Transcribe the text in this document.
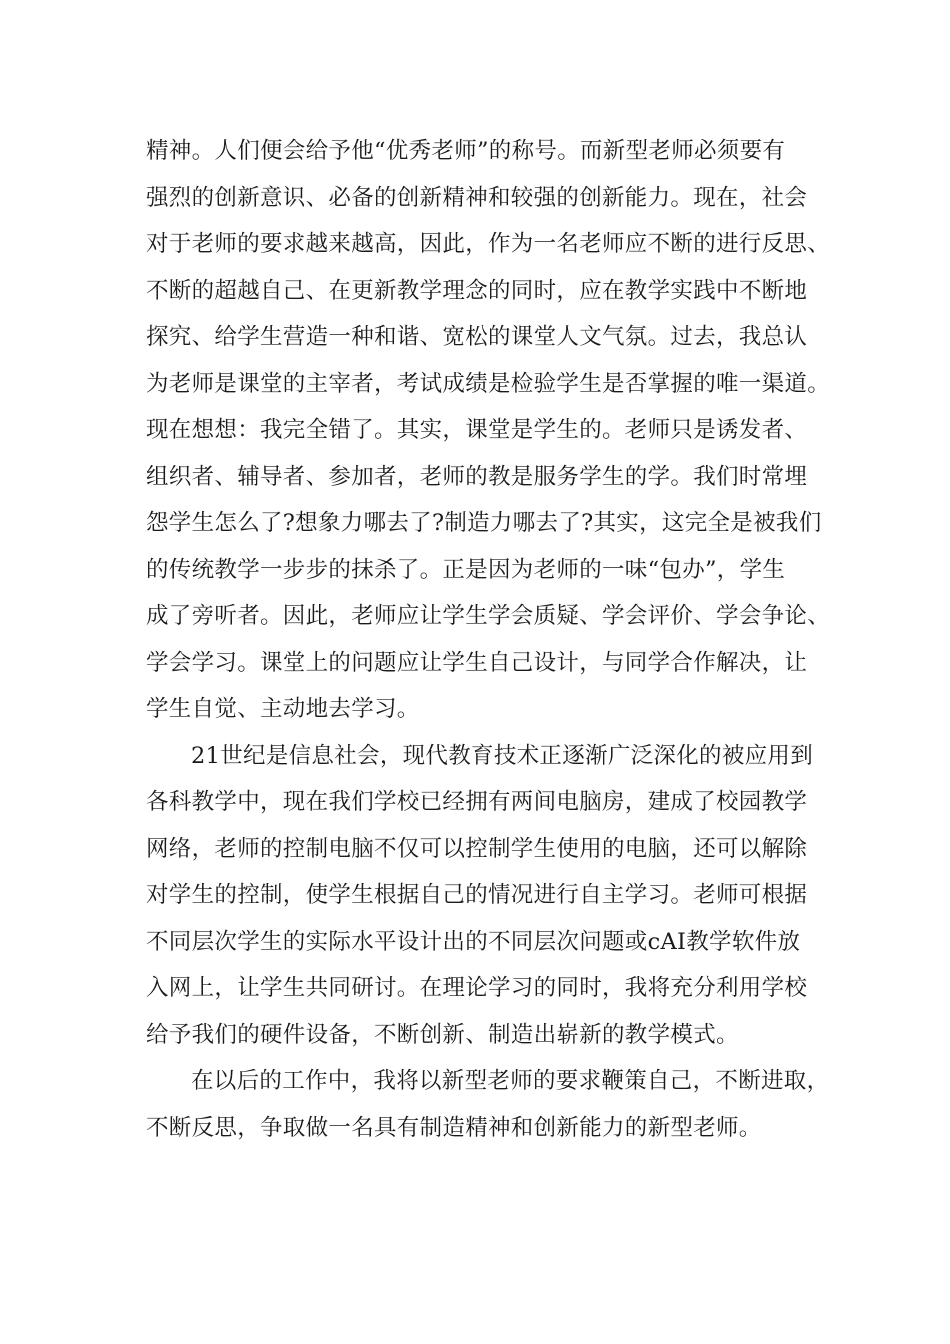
精神。人们便会给予他“优秀老师”的称号。而新型老师必须要有
强烈的创新意识、必备的创新精神和较强的创新能力。现在，社会
对于老师的要求越来越高，因此，作为一名老师应不断的进行反思、
不断的超越自己、在更新教学理念的同时，应在教学实践中不断地
探究、给学生营造一种和谐、宽松的课堂人文气氛。过去，我总认
为老师是课堂的主宰者，考试成绩是检验学生是否掌握的唯一渠道。
现在想想：我完全错了。其实，课堂是学生的。老师只是诱发者、
组织者、辅导者、参加者，老师的教是服务学生的学。我们时常埋
怨学生怎么了?想象力哪去了?制造力哪去了?其实，这完全是被我们
的传统教学一步步的抹杀了。正是因为老师的一味“包办”，学生
成了旁听者。因此，老师应让学生学会质疑、学会评价、学会争论、
学会学习。课堂上的问题应让学生自己设计，与同学合作解决，让
学生自觉、主动地去学习。
21世纪是信息社会，现代教育技术正逐渐广泛深化的被应用到
各科教学中，现在我们学校已经拥有两间电脑房，建成了校园教学
网络，老师的控制电脑不仅可以控制学生使用的电脑，还可以解除
对学生的控制，使学生根据自己的情况进行自主学习。老师可根据
不同层次学生的实际水平设计出的不同层次问题或cAI教学软件放
入网上，让学生共同研讨。在理论学习的同时，我将充分利用学校
给予我们的硬件设备，不断创新、制造出崭新的教学模式。
在以后的工作中，我将以新型老师的要求鞭策自己，不断进取，
不断反思，争取做一名具有制造精神和创新能力的新型老师。
